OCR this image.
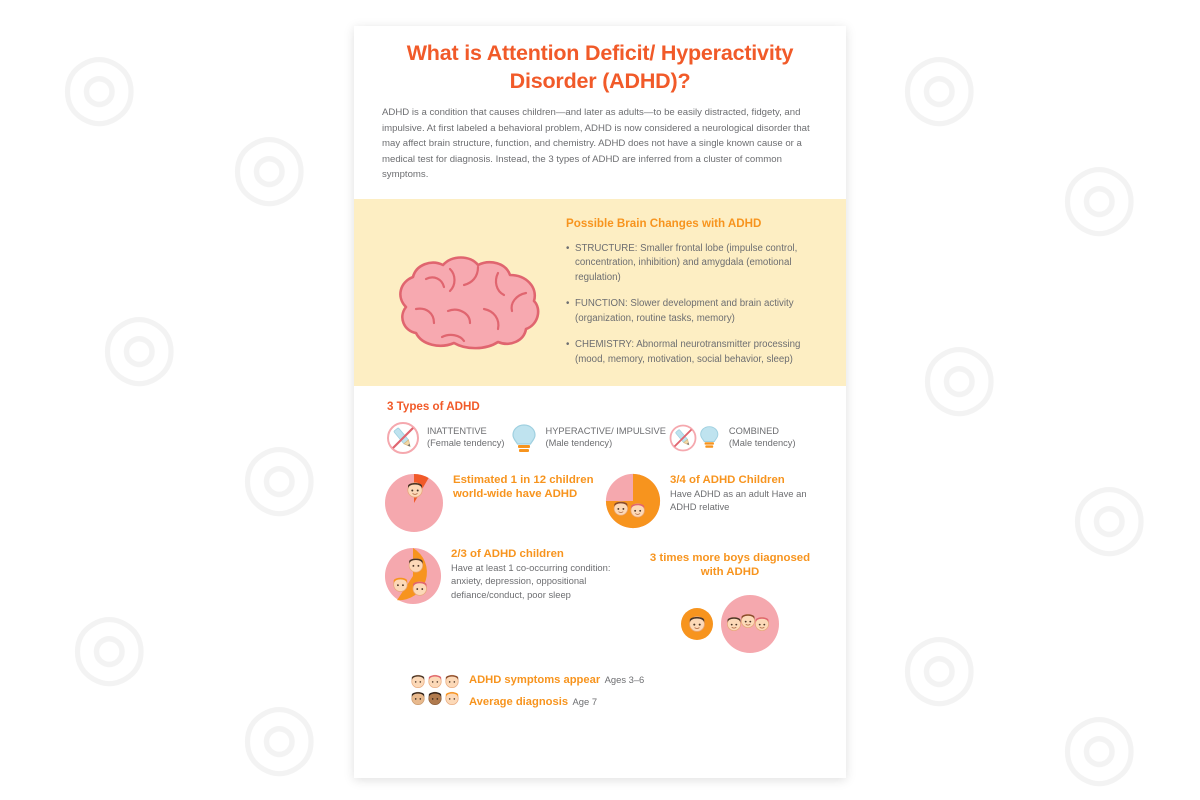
◎
◎
◎
◎
◎
◎
◎
◎
◎
◎
◎
◎
What is Attention Deficit/ Hyperactivity Disorder (ADHD)?

ADHD is a condition that causes children—and later as adults—to be easily distracted, fidgety, and impulsive. At first labeled a behavioral problem, ADHD is now considered a neurological disorder that may affect brain structure, function, and chemistry. ADHD does not have a single known cause or a medical test for diagnosis. Instead, the 3 types of ADHD are inferred from a cluster of common symptoms.

Possible Brain Changes with ADHD

• STRUCTURE: Smaller frontal lobe (impulse control, concentration, inhibition) and amygdala (emotional regulation)

• FUNCTION: Slower development and brain activity (organization, routine tasks, memory)

• CHEMISTRY: Abnormal neurotransmitter processing (mood, memory, motivation, social behavior, sleep)

3 Types of ADHD
INATTENTIVE
(Female tendency)
HYPERACTIVE/ IMPULSIVE
(Male tendency)
COMBINED
(Male tendency)
Estimated 1 in 12 children world-wide have ADHD
3/4 of ADHD Children
Have ADHD as an adult Have an ADHD relative
2/3 of ADHD children
Have at least 1 co-occurring condition: anxiety, depression, oppositional defiance/conduct, poor sleep
3 times more boys diagnosed with ADHD
ADHD symptoms appear Ages 3–6
Average diagnosis Age 7
